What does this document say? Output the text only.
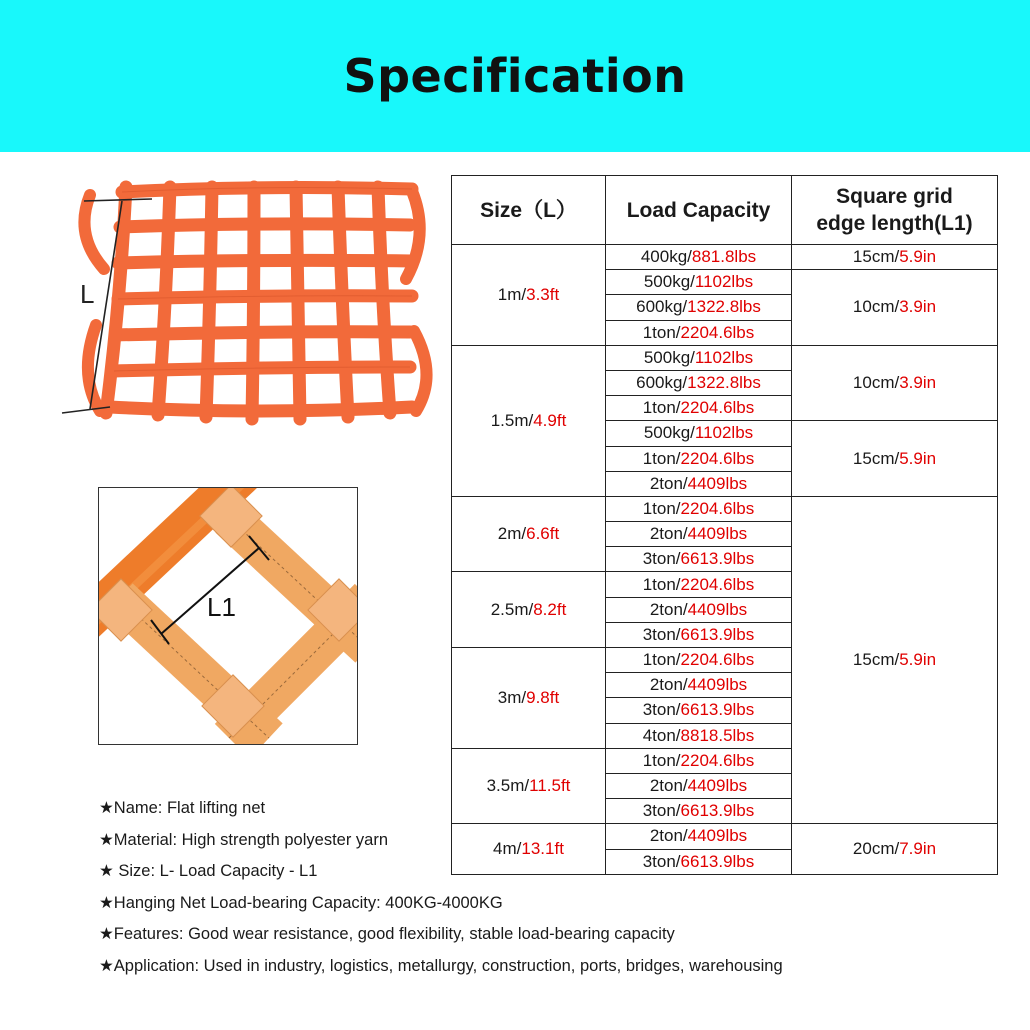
Specification
L
L1
Size（L）	Load Capacity	Square grid
edge length(L1)
1m/3.3ft	400kg/881.8lbs	15cm/5.9in
	500kg/1102lbs	10cm/3.9in
	600kg/1322.8lbs	
	1ton/2204.6lbs	
1.5m/4.9ft	500kg/1102lbs	10cm/3.9in
	600kg/1322.8lbs	
	1ton/2204.6lbs	
	500kg/1102lbs	15cm/5.9in
	1ton/2204.6lbs	
	2ton/4409lbs	
2m/6.6ft	1ton/2204.6lbs	15cm/5.9in
	2ton/4409lbs	
	3ton/6613.9lbs	
2.5m/8.2ft	1ton/2204.6lbs	
	2ton/4409lbs	
	3ton/6613.9lbs	
3m/9.8ft	1ton/2204.6lbs	
	2ton/4409lbs	
	3ton/6613.9lbs	
	4ton/8818.5lbs	
3.5m/11.5ft	1ton/2204.6lbs	
	2ton/4409lbs	
	3ton/6613.9lbs	
4m/13.1ft	2ton/4409lbs	20cm/7.9in
	3ton/6613.9lbs	
★Name: Flat lifting net
★Material: High strength polyester yarn
★ Size: L- Load Capacity - L1
★Hanging Net Load-bearing Capacity: 400KG-4000KG
★Features: Good wear resistance, good flexibility, stable load-bearing capacity
★Application: Used in industry, logistics, metallurgy, construction, ports, bridges, warehousing
